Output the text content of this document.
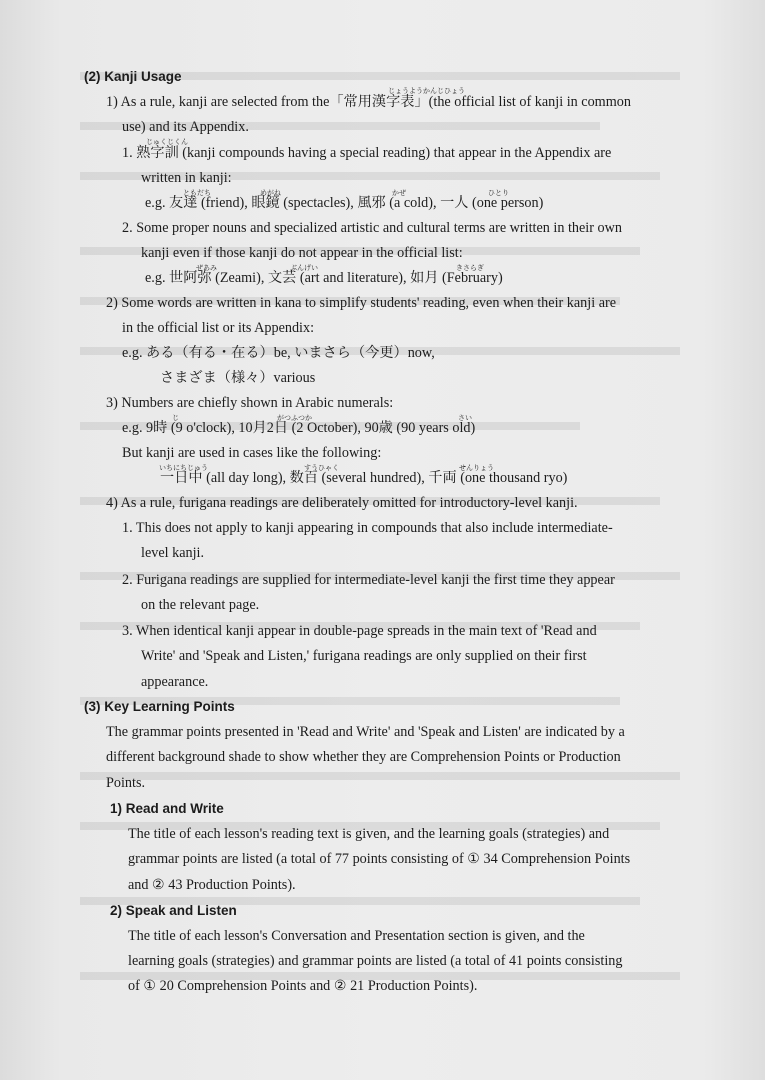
(2) Kanji Usage
じょうようかんじひょう
1) As a rule, kanji are selected from the「常用漢字表」(the official list of kanji in common
use) and its Appendix.
じゅくじくん
1. 熟字訓 (kanji compounds having a special reading) that appear in the Appendix are
written in kanji:
ともだち	めがね	かぜ	ひとり
e.g. 友達 (friend), 眼鏡 (spectacles), 風邪 (a cold), 一人 (one person)
2. Some proper nouns and specialized artistic and cultural terms are written in their own
kanji even if those kanji do not appear in the official list:
ぜあみ	ぶんげい	きさらぎ
e.g. 世阿弥 (Zeami), 文芸 (art and literature), 如月 (February)
2) Some words are written in kana to simplify students' reading, even when their kanji are
in the official list or its Appendix:
e.g. ある（有る・在る）be, いまさら（今更）now,
さまざま（様々）various
3) Numbers are chiefly shown in Arabic numerals:
じ	がつふつか	さい
e.g. 9時 (9 o'clock), 10月2日 (2 October), 90歳 (90 years old)
But kanji are used in cases like the following:
いちにちじゅう	すうひゃく	せんりょう
一日中 (all day long), 数百 (several hundred), 千両 (one thousand ryo)
4) As a rule, furigana readings are deliberately omitted for introductory-level kanji.
1. This does not apply to kanji appearing in compounds that also include intermediate-
level kanji.
2. Furigana readings are supplied for intermediate-level kanji the first time they appear
on the relevant page.
3. When identical kanji appear in double-page spreads in the main text of 'Read and
Write' and 'Speak and Listen,' furigana readings are only supplied on their first
appearance.
(3) Key Learning Points
The grammar points presented in 'Read and Write' and 'Speak and Listen' are indicated by a
different background shade to show whether they are Comprehension Points or Production
Points.
1) Read and Write
The title of each lesson's reading text is given, and the learning goals (strategies) and
grammar points are listed (a total of 77 points consisting of ① 34 Comprehension Points
and ② 43 Production Points).
2) Speak and Listen
The title of each lesson's Conversation and Presentation section is given, and the
learning goals (strategies) and grammar points are listed (a total of 41 points consisting
of ① 20 Comprehension Points and ② 21 Production Points).
